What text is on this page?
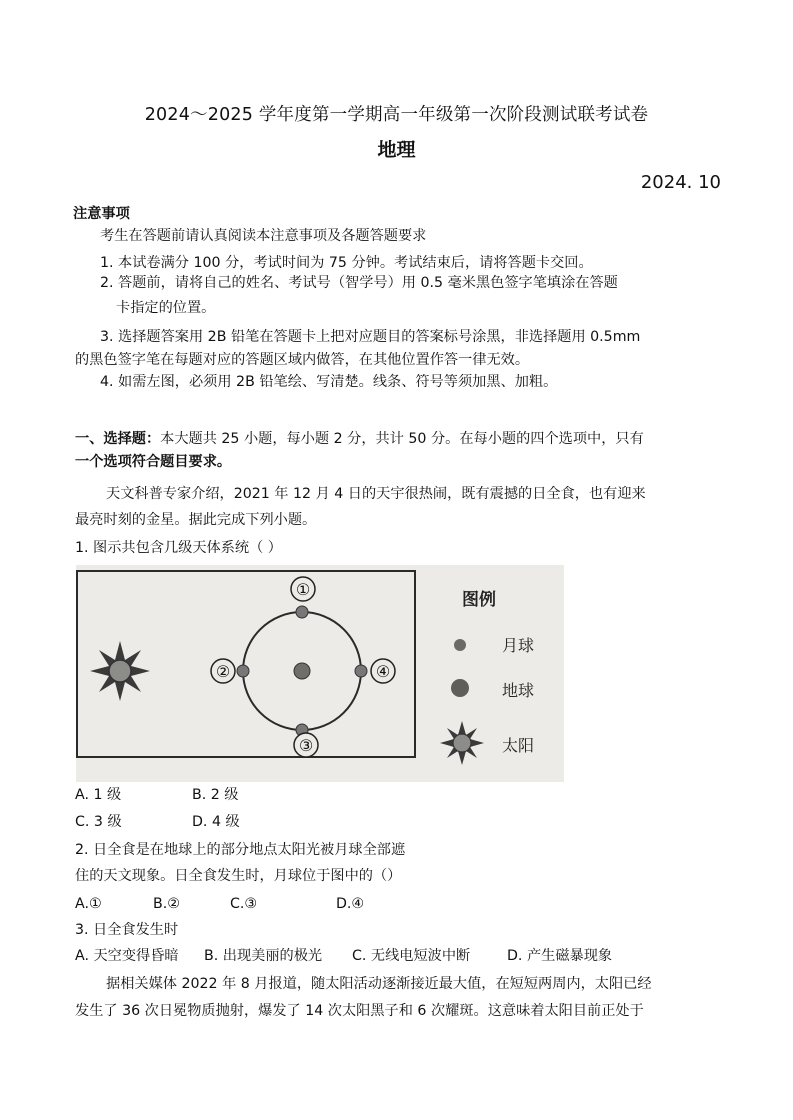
2024～2025 学年度第一学期高一年级第一次阶段测试联考试卷
地理
2024. 10
注意事项
考生在答题前请认真阅读本注意事项及各题答题要求
1. 本试卷满分 100 分，考试时间为 75 分钟。考试结束后，请将答题卡交回。
2. 答题前，请将自己的姓名、考试号（智学号）用 0.5 毫米黑色签字笔填涂在答题
卡指定的位置。
3. 选择题答案用 2B 铅笔在答题卡上把对应题目的答案标号涂黑，非选择题用 0.5mm
的黑色签字笔在每题对应的答题区域内做答，在其他位置作答一律无效。
4. 如需左图，必须用 2B 铅笔绘、写清楚。线条、符号等须加黑、加粗。
一、选择题：本大题共 25 小题，每小题 2 分，共计 50 分。在每小题的四个选项中，只有
一个选项符合题目要求。
天文科普专家介绍，2021 年 12 月 4 日的天宇很热闹，既有震撼的日全食，也有迎来
最亮时刻的金星。据此完成下列小题。
1. 图示共包含几级天体系统（ ）
①
②
③
④
图例
月球
地球
太阳
A. 1 级	B. 2 级
C. 3 级	D. 4 级
2. 日全食是在地球上的部分地点太阳光被月球全部遮
住的天文现象。日全食发生时，月球位于图中的（）
A.①	B.②	C.③	D.④
3. 日全食发生时
A. 天空变得昏暗 B. 出现美丽的极光 C. 无线电短波中断	D. 产生磁暴现象
据相关媒体 2022 年 8 月报道，随太阳活动逐渐接近最大值，在短短两周内，太阳已经
发生了 36 次日冕物质抛射，爆发了 14 次太阳黑子和 6 次耀斑。这意味着太阳目前正处于
